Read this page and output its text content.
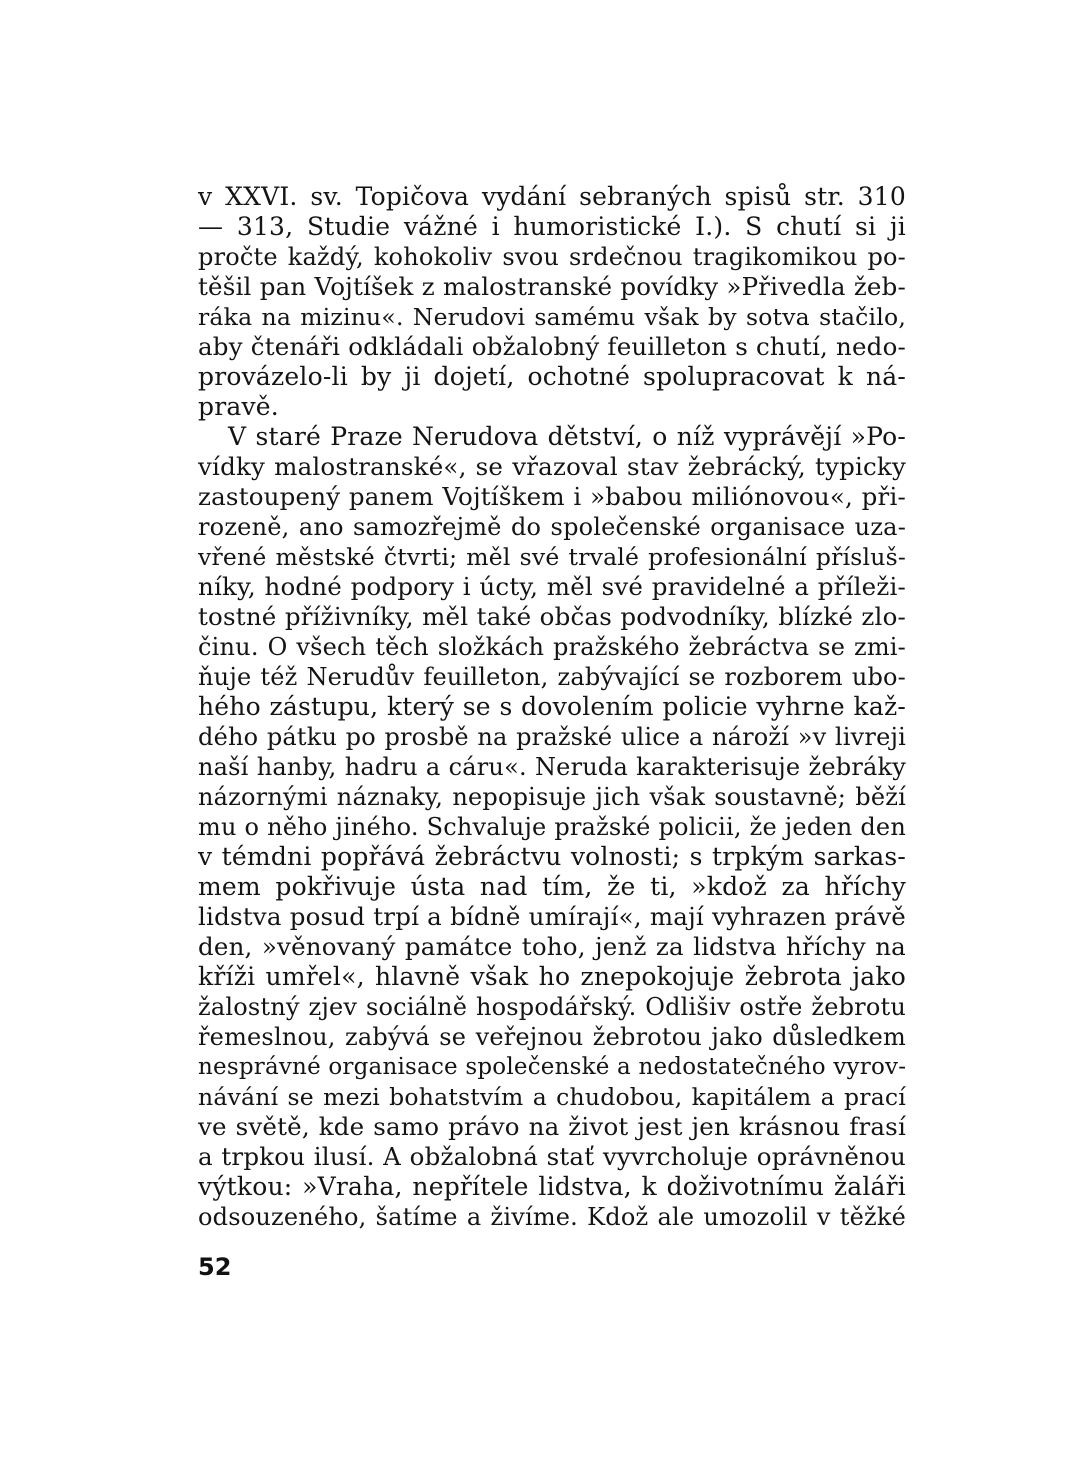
v XXVI. sv. Topičova vydání sebraných spisů str. 310
— 313, Studie vážné i humoristické I.). S chutí si ji
pročte každý, kohokoliv svou srdečnou tragikomikou po-
těšil pan Vojtíšek z malostranské povídky »Přivedla žeb-
ráka na mizinu«. Nerudovi samému však by sotva stačilo,
aby čtenáři odkládali obžalobný feuilleton s chutí, nedo-
provázelo-li by ji dojetí, ochotné spolupracovat k ná-
pravě.
V staré Praze Nerudova dětství, o níž vyprávějí »Po-
vídky malostranské«, se vřazoval stav žebrácký, typicky
zastoupený panem Vojtíškem i »babou miliónovou«, při-
rozeně, ano samozřejmě do společenské organisace uza-
vřené městské čtvrti; měl své trvalé profesionální přísluš-
níky, hodné podpory i úcty, měl své pravidelné a příleži-
tostné příživníky, měl také občas podvodníky, blízké zlo-
činu. O všech těch složkách pražského žebráctva se zmi-
ňuje též Nerudův feuilleton, zabývající se rozborem ubo-
hého zástupu, který se s dovolením policie vyhrne kaž-
dého pátku po prosbě na pražské ulice a nároží »v livreji
naší hanby, hadru a cáru«. Neruda karakterisuje žebráky
názornými náznaky, nepopisuje jich však soustavně; běží
mu o něho jiného. Schvaluje pražské policii, že jeden den
v témdni popřává žebráctvu volnosti; s trpkým sarkas-
mem pokřivuje ústa nad tím, že ti, »kdož za hříchy
lidstva posud trpí a bídně umírají«, mají vyhrazen právě
den, »věnovaný památce toho, jenž za lidstva hříchy na
kříži umřel«, hlavně však ho znepokojuje žebrota jako
žalostný zjev sociálně hospodářský. Odlišiv ostře žebrotu
řemeslnou, zabývá se veřejnou žebrotou jako důsledkem
nesprávné organisace společenské a nedostatečného vyrov-
návání se mezi bohatstvím a chudobou, kapitálem a prací
ve světě, kde samo právo na život jest jen krásnou frasí
a trpkou ilusí. A obžalobná stať vyvrcholuje oprávněnou
výtkou: »Vraha, nepřítele lidstva, k doživotnímu žaláři
odsouzeného, šatíme a živíme. Kdož ale umozolil v těžké
52
